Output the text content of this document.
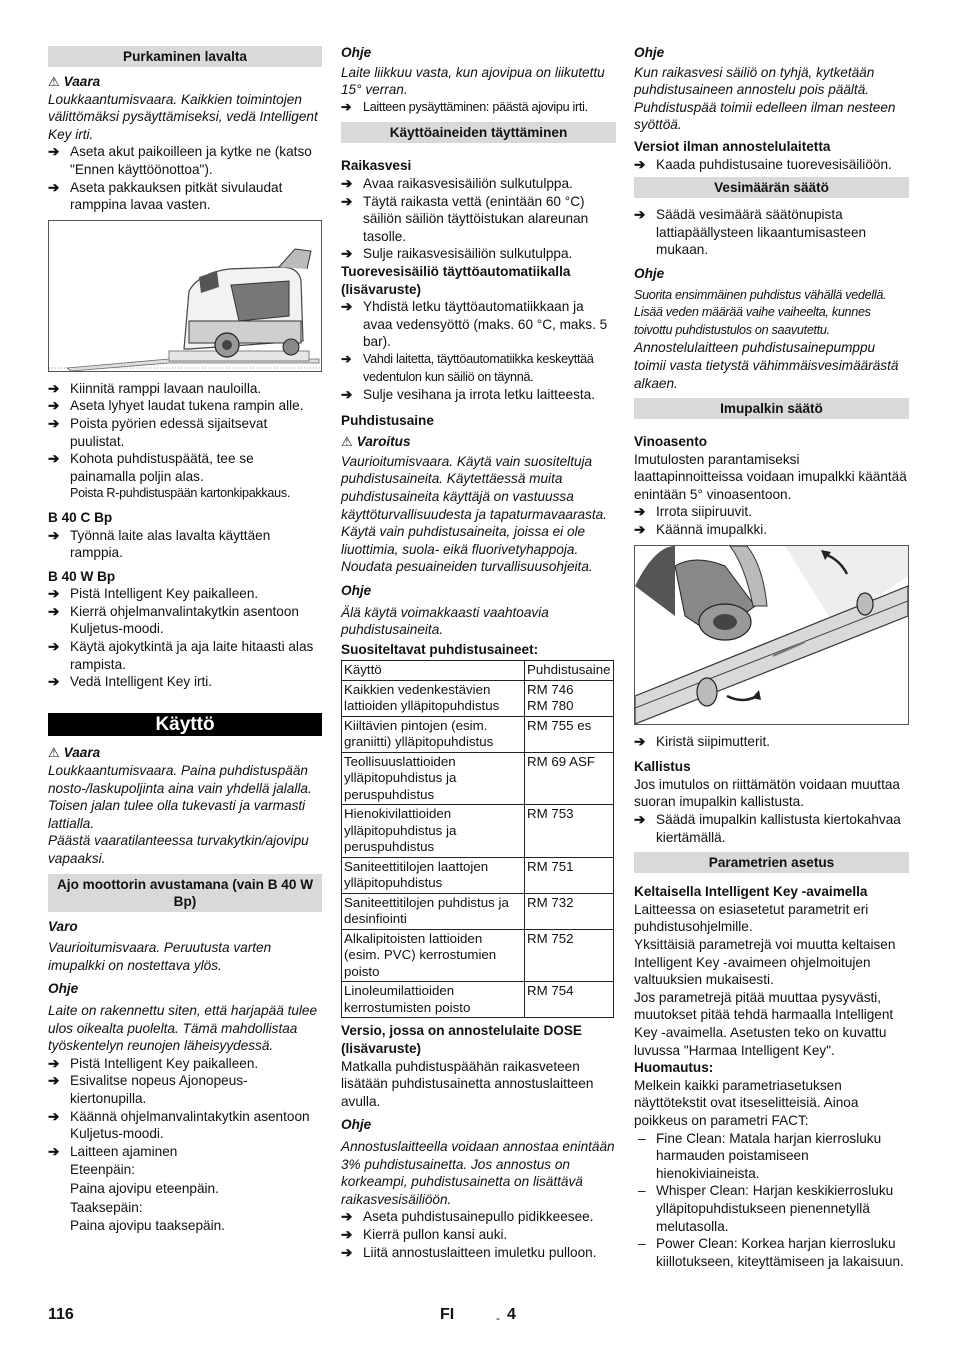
Purkaminen lavalta
⚠ Vaara
Loukkaantumisvaara. Kaikkien toimintojen välittömäksi pysäyttämiseksi, vedä Intelligent Key irti.
➔ Aseta akut paikoilleen ja kytke ne (katso "Ennen käyttöönottoa").
➔ Aseta pakkauksen pitkät sivulaudat ramppina lavaa vasten.
➔ Kiinnitä ramppi lavaan nauloilla.
➔ Aseta lyhyet laudat tukena rampin alle.
➔ Poista pyörien edessä sijaitsevat puulistat.
➔ Kohota puhdistuspäätä, tee se painamalla poljin alas.
Poista R-puhdistuspään kartonkipakkaus.
B 40 C Bp
➔ Työnnä laite alas lavalta käyttäen ramppia.
B 40 W Bp
➔ Pistä Intelligent Key paikalleen.
➔ Kierrä ohjelmanvalintakytkin asentoon Kuljetus-moodi.
➔ Käytä ajokytkintä ja aja laite hitaasti alas rampista.
➔ Vedä Intelligent Key irti.
Käyttö
⚠ Vaara
Loukkaantumisvaara. Paina puhdistuspään nosto-/laskupoljinta aina vain yhdellä jalalla. Toisen jalan tulee olla tukevasti ja varmasti lattialla.
Päästä vaaratilanteessa turvakytkin/ajovipu vapaaksi.
Ajo moottorin avustamana (vain B 40 W Bp)
Varo
Vaurioitumisvaara. Peruutusta varten imupalkki on nostettava ylös.
Ohje
Laite on rakennettu siten, että harjapää tulee ulos oikealta puolelta. Tämä mahdollistaa työskentelyn reunojen läheisyydessä.
➔ Pistä Intelligent Key paikalleen.
➔ Esivalitse nopeus Ajonopeus-kiertonupilla.
➔ Käännä ohjelmanvalintakytkin asentoon Kuljetus-moodi.
➔ Laitteen ajaminen
Eteenpäin:
Paina ajovipu eteenpäin.
Taaksepäin:
Paina ajovipu taaksepäin.
Ohje
Laite liikkuu vasta, kun ajovipua on liikutettu 15° verran.
➔ Laitteen pysäyttäminen: päästä ajovipu irti.
Käyttöaineiden täyttäminen
Raikasvesi
➔ Avaa raikasvesisäiliön sulkutulppa.
➔ Täytä raikasta vettä (enintään 60 °C) säiliön säiliön täyttöistukan alareunan tasolle.
➔ Sulje raikasvesisäiliön sulkutulppa.
Tuorevesisäiliö täyttöautomatiikalla (lisävaruste)
➔ Yhdistä letku täyttöautomatiikkaan ja avaa vedensyöttö (maks. 60 °C, maks. 5 bar).
➔ Vahdi laitetta, täyttöautomatiikka keskeyttää vedentulon kun säiliö on täynnä.
➔ Sulje vesihana ja irrota letku laitteesta.
Puhdistusaine
⚠ Varoitus
Vaurioitumisvaara. Käytä vain suositeltuja puhdistusaineita. Käytettäessä muita puhdistusaineita käyttäjä on vastuussa käyttöturvallisuudesta ja tapaturmavaarasta. Käytä vain puhdistusaineita, joissa ei ole liuottimia, suola- eikä fluorivetyhappoja. Noudata pesuaineiden turvallisuusohjeita.
Ohje
Älä käytä voimakkaasti vaahtoavia puhdistusaineita.
Suositeltavat puhdistusaineet:
Käyttö	Puhdistusaine
Kaikkien vedenkestävien lattioiden ylläpitopuhdistus	RM 746
RM 780
Kiiltävien pintojen (esim. graniitti) ylläpitopuhdistus	RM 755 es
Teollisuuslattioiden ylläpitopuhdistus ja peruspuhdistus	RM 69 ASF
Hienokivilattioiden ylläpitopuhdistus ja peruspuhdistus	RM 753
Saniteettitilojen laattojen ylläpitopuhdistus	RM 751
Saniteettitilojen puhdistus ja desinfiointi	RM 732
Alkalipitoisten lattioiden (esim. PVC) kerrostumien poisto	RM 752
Linoleumilattioiden kerrostumisten poisto	RM 754
Versio, jossa on annostelulaite DOSE (lisävaruste)
Matkalla puhdistuspäähän raikasveteen lisätään puhdistusainetta annostuslaitteen avulla.
Ohje
Annostuslaitteella voidaan annostaa enintään 3% puhdistusainetta. Jos annostus on korkeampi, puhdistusainetta on lisättävä raikasvesisäiliöön.
➔ Aseta puhdistusainepullo pidikkeesee.
➔ Kierrä pullon kansi auki.
➔ Liitä annostuslaitteen imuletku pulloon.
Ohje
Kun raikasvesi säiliö on tyhjä, kytketään puhdistusaineen annostelu pois päältä. Puhdistuspää toimii edelleen ilman nesteen syöttöä.
Versiot ilman annostelulaitetta
➔ Kaada puhdistusaine tuorevesisäiliöön.
Vesimäärän säätö
➔ Säädä vesimäärä säätönupista lattiapäällysteen likaantumisasteen mukaan.
Ohje
Suorita ensimmäinen puhdistus vähällä vedellä. Lisää veden määrää vaihe vaiheelta, kunnes toivottu puhdistustulos on saavutettu.
Annostelulaitteen puhdistusainepumppu toimii vasta tietystä vähimmäisvesimäärästä alkaen.
Imupalkin säätö
Vinoasento
Imutulosten parantamiseksi laattapinnoitteissa voidaan imupalkki kääntää enintään 5° vinoasentoon.
➔ Irrota siipiruuvit.
➔ Käännä imupalkki.
➔ Kiristä siipimutterit.
Kallistus
Jos imutulos on riittämätön voidaan muuttaa suoran imupalkin kallistusta.
➔ Säädä imupalkin kallistusta kiertokahvaa kiertämällä.
Parametrien asetus
Keltaisella Intelligent Key -avaimella
Laitteessa on esiasetetut parametrit eri puhdistusohjelmille.
Yksittäisiä parametrejä voi muutta keltaisen Intelligent Key -avaimeen ohjelmoitujen valtuuksien mukaisesti.
Jos parametrejä pitää muuttaa pysyvästi, muutokset pitää tehdä harmaalla Intelligent Key -avaimella. Asetusten teko on kuvattu luvussa "Harmaa Intelligent Key".
Huomautus:
Melkein kaikki parametriasetuksen näyttötekstit ovat itseselitteisiä. Ainoa poikkeus on parametri FACT:
– Fine Clean: Matala harjan kierrosluku harmauden poistamiseen hienokiviaineista.
– Whisper Clean: Harjan keskikierrosluku ylläpitopuhdistukseen pienennetyllä melutasolla.
– Power Clean: Korkea harjan kierrosluku kiillotukseen, kiteyttämiseen ja lakaisuun.
116	FI	- 4
